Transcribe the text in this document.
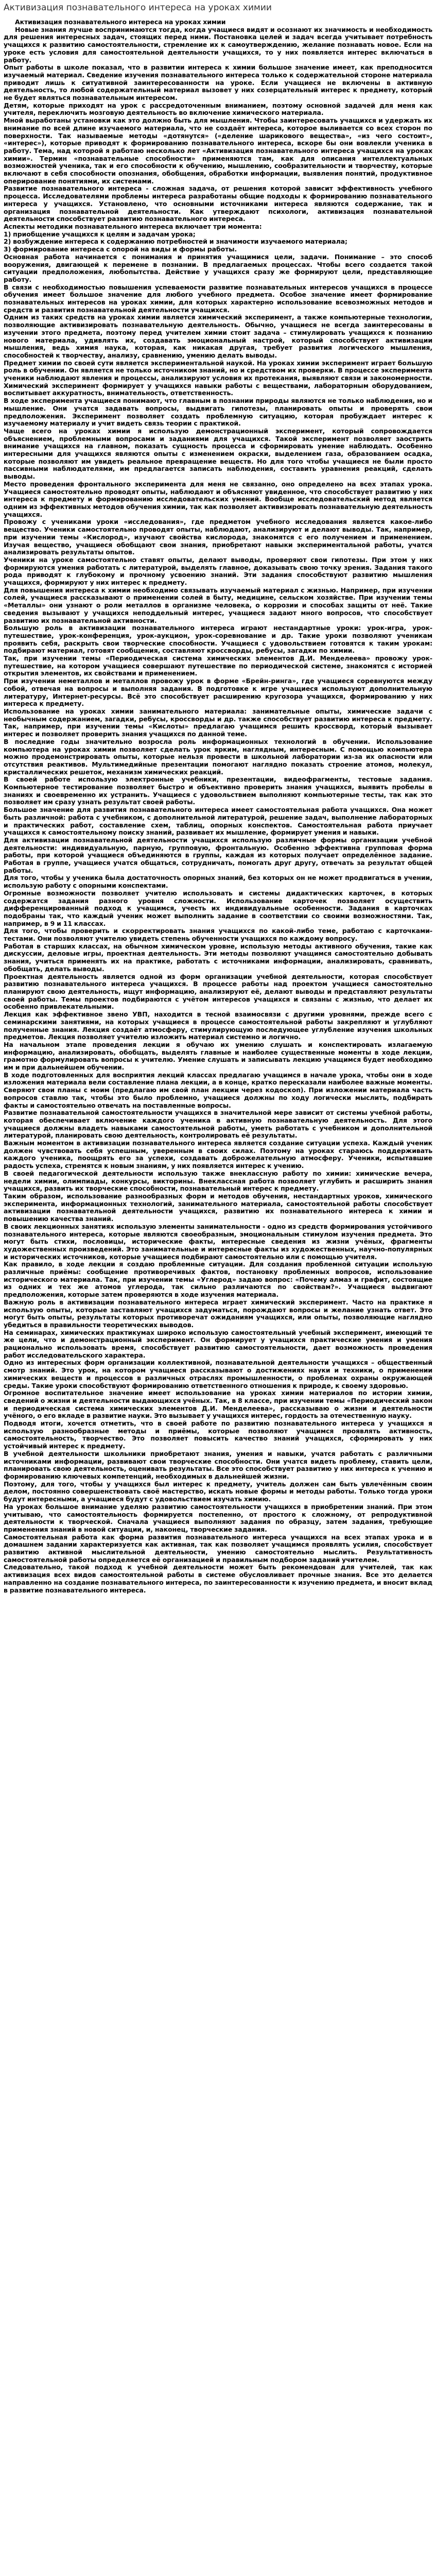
Активизация познавательного интереса на уроках химии

Активизация познавательного интереса на уроках химии

Новые знания лучше воспринимаются тогда, когда учащиеся видят и осознают их значимость и необходимость для решения интересных задач, стоящих перед ними. Постановка целей и задач всегда учитывает потребность учащихся к развитию самостоятельности, стремление их к самоутверждению, желание познавать новое. Если на уроке есть условия для самостоятельной деятельности учащихся, то у них появляется интерес включаться в работу.

Опыт работы в школе показал, что в развитии интереса к химии большое значение имеет, как преподносится изучаемый материал. Сведение изучения познавательного интереса только к содержательной стороне материала приводит лишь к ситуативной заинтересованности на уроке. Если учащиеся не включены в активную деятельность, то любой содержательный материал вызовет у них созерцательный интерес к предмету, который не будет являться познавательным интересом.

Детям, которые приходят на урок с рассредоточенным вниманием, поэтому основной задачей для меня как учителя, переключить мозговую деятельность во включение химического материала.

Мной выработаны установки как это должно быть для мышления. Чтобы заинтересовать учащихся и удержать их внимание по всей длине изучаемого материала, что не создаёт интереса, которое выливается со всех сторон по поверхности. Так называемые методы «дотянутся» («деление шарикового вещества», «из чего состоит», «интерес»), которые приводят к формированию познавательного интереса, вскоре бы они вовлекли ученика в работу. Тема, над которой я работаю несколько лет «Активизация познавательного интереса учащихся на уроках химии». Термин «познавательные способности» применяются там, как для описания интеллектуальных возможностей ученика, так и его способности к обучению, мышлению, сообразительности и творчеству, которые включают в себя способности опознания, обобщения, обработки информации, выявления понятий, продуктивное оперирование понятиями, их системами.

Развитие познавательного интереса - сложная задача, от решения которой зависит эффективность учебного процесса. Исследователями проблемы интереса разработаны общие подходы к формированию познавательного интереса у учащихся. Установлено, что основными источниками интереса являются содержание, так и организация познавательной деятельности. Как утверждают психологи, активизация познавательной деятельности способствует развитию познавательного интереса.

Аспекты методики познавательного интереса включает три момента:

1) приобщение учащихся к целям и задачам урока;

2) возбуждение интереса к содержанию потребностей и значимости изучаемого материала;

3) формирование интереса с опорой на виды и формы работы.

Основная работа начинается с понимания и принятия учащимися цели, задачи. Понимание – это способ вооружения, двигающей к перемене в познании. В предлагаемых процессах. Чтобы всего создается такой ситуации предположения, любопытства. Действие у учащихся сразу же формируют цели, представляющие работу.

В связи с необходимостью повышения успеваемости развитие познавательных интересов учащихся в процессе обучения имеет большое значение для любого учебного предмета. Особое значение имеет формирование познавательных интересов на уроках химии, для которых характерно использование всевозможных методов и средств и развития познавательной деятельности учащихся.

Одним из таких средств на уроках химии является химический эксперимент, а также компьютерные технологии, позволяющие активизировать познавательную деятельность. Обычно, учащиеся не всегда заинтересованы в изучении этого предмета, поэтому перед учителем химии стоит задача – стимулировать учащихся к познанию нового материала, удивлять их, создавать эмоциональный настрой, который способствует активизации мышления, ведь химия наука, которая, как никакая другая, требует развития логического мышления, способностей к творчеству, анализу, сравнению, умению делать выводы.

Предмет химии по своей сути является экспериментальной наукой. На уроках химии эксперимент играет большую роль в обучении. Он является не только источником знаний, но и средством их проверки. В процессе эксперимента ученики наблюдают явления и процессы, анализируют условия их протекания, выявляют связи и закономерности. Химический эксперимент формирует у учащихся навыки работы с веществами, лабораторным оборудованием, воспитывает аккуратность, внимательность, ответственность.

В ходе эксперимента учащиеся понимают, что главным в познании природы являются не только наблюдения, но и мышление. Они учатся задавать вопросы, выдвигать гипотезы, планировать опыты и проверять свои предположения. Эксперимент позволяет создать проблемную ситуацию, которая пробуждает интерес к изучаемому материалу и учит видеть связь теории с практикой.

Чаще всего на уроках химии я использую демонстрационный эксперимент, который сопровождается объяснением, проблемными вопросами и заданиями для учащихся. Такой эксперимент позволяет заострить внимание учащихся на главном, показать сущность процесса и сформировать умение наблюдать. Особенно интересными для учащихся являются опыты с изменением окраски, выделением газа, образованием осадка, которые позволяют им увидеть реальное превращение веществ. Но для того чтобы учащиеся не были просто пассивными наблюдателями, им предлагается записать наблюдения, составить уравнения реакций, сделать выводы.

Место проведения фронтального эксперимента для меня не связанно, оно определено на всех этапах урока. Учащиеся самостоятельно проводят опыты, наблюдают и объясняют увиденное, что способствует развитию у них интереса к предмету и формированию исследовательских умений. Вообще исследовательский метод является одним из эффективных методов обучения химии, так как позволяет активизировать познавательную деятельность учащихся.

Провожу с учениками уроки «исследования», где предметом учебного исследования является какое-либо вещество. Ученики самостоятельно проводят опыты, наблюдают, анализируют и делают выводы. Так, например, при изучении темы «Кислород», изучают свойства кислорода, знакомятся с его получением и применением. Изучая вещество, учащиеся обобщают свои знания, приобретают навыки экспериментальной работы, учатся анализировать результаты опытов.

Ученики на уроке самостоятельно ставят опыты, делают выводы, проверяют свои гипотезы. При этом у них формируются умения работать с литературой, выделять главное, доказывать свою точку зрения. Задания такого рода приводят к глубокому и прочному усвоению знаний. Эти задания способствуют развитию мышления учащихся, формируют у них интерес к предмету.

Для повышения интереса к химии необходимо связывать изучаемый материал с жизнью. Например, при изучении солей, учащиеся рассказывают о применении солей в быту, медицине, сельском хозяйстве. При изучении темы «Металлы» они узнают о роли металлов в организме человека, о коррозии и способах защиты от неё. Такие сведения вызывают у учащихся неподдельный интерес, учащиеся задают много вопросов, что способствует развитию их познавательной активности.

Большую роль в активизации познавательного интереса играют нестандартные уроки: урок-игра, урок-путешествие, урок-конференция, урок-аукцион, урок-соревнование и др. Такие уроки позволяют ученикам проявить себя, раскрыть свои творческие способности. Учащиеся с удовольствием готовятся к таким урокам: подбирают материал, готовят сообщения, составляют кроссворды, ребусы, загадки по химии.

Так, при изучении темы «Периодическая система химических элементов Д.И. Менделеева» провожу урок-путешествие, на котором учащиеся совершают путешествие по периодической системе, знакомятся с историей открытия элементов, их свойствами и применением.

При изучении неметаллов и металлов провожу урок в форме «Брейн-ринга», где учащиеся соревнуются между собой, отвечая на вопросы и выполняя задания. В подготовке к игре учащиеся используют дополнительную литературу, Интернет-ресурсы. Всё это способствует расширению кругозора учащихся, формированию у них интереса к предмету.

Использование на уроках химии занимательного материала: занимательные опыты, химические задачи с необычным содержанием, загадки, ребусы, кроссворды и др. также способствует развитию интереса к предмету. Так, например, при изучении темы «Кислоты» предлагаю учащимся решить кроссворд, который вызывает интерес и позволяет проверить знания учащихся по данной теме.

В последние годы значительно возросла роль информационных технологий в обучении. Использование компьютера на уроках химии позволяет сделать урок ярким, наглядным, интересным. С помощью компьютера можно продемонстрировать опыты, которые нельзя провести в школьной лаборатории из-за их опасности или отсутствия реактивов. Мультимедийные презентации помогают наглядно показать строение атомов, молекул, кристаллических решеток, механизм химических реакций.

В своей работе использую электронные учебники, презентации, видеофрагменты, тестовые задания. Компьютерное тестирование позволяет быстро и объективно проверить знания учащихся, выявить пробелы в знаниях и своевременно их устранить. Учащиеся с удовольствием выполняют компьютерные тесты, так как это позволяет им сразу узнать результат своей работы.

Большое значение для развития познавательного интереса имеет самостоятельная работа учащихся. Она может быть различной: работа с учебником, с дополнительной литературой, решение задач, выполнение лабораторных и практических работ, составление схем, таблиц, опорных конспектов. Самостоятельная работа приучает учащихся к самостоятельному поиску знаний, развивает их мышление, формирует умения и навыки.

Для активизации познавательной деятельности учащихся использую различные формы организации учебной деятельности: индивидуальную, парную, групповую, фронтальную. Особенно эффективна групповая форма работы, при которой учащиеся объединяются в группы, каждая из которых получает определённое задание. Работая в группе, учащиеся учатся общаться, сотрудничать, помогать друг другу, отвечать за результат общей работы.

Для того, чтобы у ученика была достаточность опорных знаний, без которых он не может продвигаться в учении, использую работу с опорными конспектами.

Огромные возможности позволяет учителю использовать и системы дидактических карточек, в которых содержатся задания разного уровня сложности. Использование карточек позволяет осуществить дифференцированный подход к учащимся, учесть их индивидуальные особенности. Задания в карточках подобраны так, что каждый ученик может выполнить задание в соответствии со своими возможностями. Так, например, в 9 и 11 классах.

Для того, чтобы проверить и скорректировать знания учащихся по какой-либо теме, работаю с карточками-тестами. Они позволяют учителю увидеть степень обученности учащихся по каждому вопросу.

Работая в старших классах, на обычном химическом уровне, использую методы активного обучения, такие как дискуссии, деловые игры, проектная деятельность. Эти методы позволяют учащимся самостоятельно добывать знания, учиться применять их на практике, работать с источниками информации, анализировать, сравнивать, обобщать, делать выводы.

Проектная деятельность является одной из форм организации учебной деятельности, которая способствует развитию познавательного интереса учащихся. В процессе работы над проектом учащиеся самостоятельно планируют свою деятельность, ищут информацию, анализируют её, делают выводы и представляют результаты своей работы. Темы проектов подбираются с учётом интересов учащихся и связаны с жизнью, что делает их особенно привлекательными.

Лекция как эффективное звено УВП, находится в тесной взаимосвязи с другими уровнями, прежде всего с семинарскими занятиями, на которых учащиеся в процессе самостоятельной работы закрепляют и углубляют полученные знания. Лекция создаёт атмосферу, стимулирующую последующее углубление изучения школьных предметов. Лекция позволяет учителю изложить материал системно и логично.

На начальном этапе проведения лекции я обучаю их умению слушать и конспектировать излагаемую информацию, анализировать, обобщать, выделять главные и наиболее существенные моменты в ходе лекции, грамотно формулировать вопросы к учителю. Умение слушать и записывать лекцию учащимся будет необходимо им и при дальнейшем обучении.

В ходе подготовленных для восприятия лекций классах предлагаю учащимся в начале урока, чтобы они в ходе изложения материала вели составление плана лекции, а в конце, кратко пересказали наиболее важные моменты. Сверяют свои планы с моим (предлагаю им свой план лекции через кодоскоп). При изложении материала часть вопросов ставлю так, чтобы это было проблемно, учащиеся должны по ходу логически мыслить, подбирать факты и самостоятельно отвечать на поставленные вопросы.

Развитие познавательной самостоятельности учащихся в значительной мере зависит от системы учебной работы, которая обеспечивает включение каждого ученика в активную познавательную деятельность. Для этого учащиеся должны владеть навыками самостоятельной работы, уметь работать с учебником и дополнительной литературой, планировать свою деятельность, контролировать её результаты.

Важным моментом в активизации познавательного интереса является создание ситуации успеха. Каждый ученик должен чувствовать себя успешным, уверенным в своих силах. Поэтому на уроках стараюсь поддерживать каждого ученика, поощрять его за успехи, создавать доброжелательную атмосферу. Ученики, испытавшие радость успеха, стремятся к новым знаниям, у них появляется интерес к учению.

В своей педагогической деятельности использую также внеклассную работу по химии: химические вечера, недели химии, олимпиады, конкурсы, викторины. Внеклассная работа позволяет углубить и расширить знания учащихся, развить их творческие способности, познавательный интерес к предмету.

Таким образом, использование разнообразных форм и методов обучения, нестандартных уроков, химического эксперимента, информационных технологий, занимательного материала, самостоятельной работы способствует активизации познавательной деятельности учащихся, развитию их познавательного интереса к химии и повышению качества знаний.

В своих лекционных занятиях использую элементы занимательности - одно из средств формирования устойчивого познавательного интереса, которые являются своеобразным, эмоциональным стимулом изучения предмета. Это могут быть стихи, пословицы, исторические факты, интересные сведения из жизни учёных, фрагменты художественных произведений. Это занимательные и интересные факты из художественных, научно-популярных и исторических источников, которые учащиеся подбирают самостоятельно или с помощью учителя.

Как правило, в ходе лекции я создаю проблемные ситуации. Для создания проблемной ситуации использую различные приёмы: сообщение противоречивых фактов, постановку проблемных вопросов, использование исторического материала. Так, при изучении темы «Углерод» задаю вопрос: «Почему алмаз и графит, состоящие из одних и тех же атомов углерода, так сильно различаются по свойствам?». Учащиеся выдвигают предположения, которые затем проверяются в ходе изучения материала.

Важную роль в активизации познавательного интереса играет химический эксперимент. Часто на практике я использую опыты, которые заставляют учащихся задуматься, порождают вопросы и желание узнать ответ. Это могут быть опыты, результаты которых противоречат ожиданиям учащихся, или опыты, позволяющие наглядно убедиться в правильности теоретических выводов.

На семинарах, химических практикумах широко использую самостоятельный учебный эксперимент, имеющий те же цели, что и демонстрационный эксперимент. Он формирует у учащихся практические умения и умения рационально использовать время, способствует развитию самостоятельности, дает возможность проведения работ исследовательского характера.

Одно из интересных форм организации коллективной, познавательной деятельности учащихся – общественный смотр знаний. Это урок, на котором учащиеся рассказывают о достижениях науки и техники, о применении химических веществ и процессов в различных отраслях промышленности, о проблемах охраны окружающей среды. Такие уроки способствуют формированию ответственного отношения к природе, к своему здоровью.

Огромное воспитательное значение имеет использование на уроках химии материалов по истории химии, сведений о жизни и деятельности выдающихся учёных. Так, в 8 классе, при изучении темы «Периодический закон и периодическая система химических элементов Д.И. Менделеева», рассказываю о жизни и деятельности учёного, о его вкладе в развитие науки. Это вызывает у учащихся интерес, гордость за отечественную науку.

Подводя итоги, хочется отметить, что в своей работе по развитию познавательного интереса у учащихся я использую разнообразные методы и приёмы, которые позволяют учащимся проявлять активность, самостоятельность, творчество. Это позволяет повысить качество знаний учащихся, сформировать у них устойчивый интерес к предмету.

В учебной деятельности школьники приобретают знания, умения и навыки, учатся работать с различными источниками информации, развивают свои творческие способности. Они учатся видеть проблему, ставить цели, планировать свою деятельность, оценивать результаты. Все это способствует развитию у них интереса к учению и формированию ключевых компетенций, необходимых в дальнейшей жизни.

Поэтому, для того, чтобы у учащихся был интерес к предмету, учитель должен сам быть увлечённым своим делом, постоянно совершенствовать своё мастерство, искать новые формы и методы работы. Только тогда уроки будут интересными, а учащиеся будут с удовольствием изучать химию.

На уроках большое внимание уделяю развитию самостоятельности учащихся в приобретении знаний. При этом учитываю, что самостоятельность формируется постепенно, от простого к сложному, от репродуктивной деятельности к творческой. Сначала учащиеся выполняют задания по образцу, затем задания, требующие применения знаний в новой ситуации, и, наконец, творческие задания.

Самостоятельная работа как форма развития познавательного интереса учащихся на всех этапах урока и в домашнем задании характеризуется как активная, так как позволяет учащимся проявлять усилия, способствует развитию активной мыслительной деятельности, умению самостоятельно мыслить. Результативность самостоятельной работы определяется её организацией и правильным подбором заданий учителем.

Следовательно, такой подход к учебной деятельности может быть рекомендован для учителей, так как активизация всех видов самостоятельной работы в системе обусловливает прочные знания. Все это делается направленно на создание познавательного интереса, по заинтересованности к изучению предмета, и вносит вклад в развитие познавательного интереса.
